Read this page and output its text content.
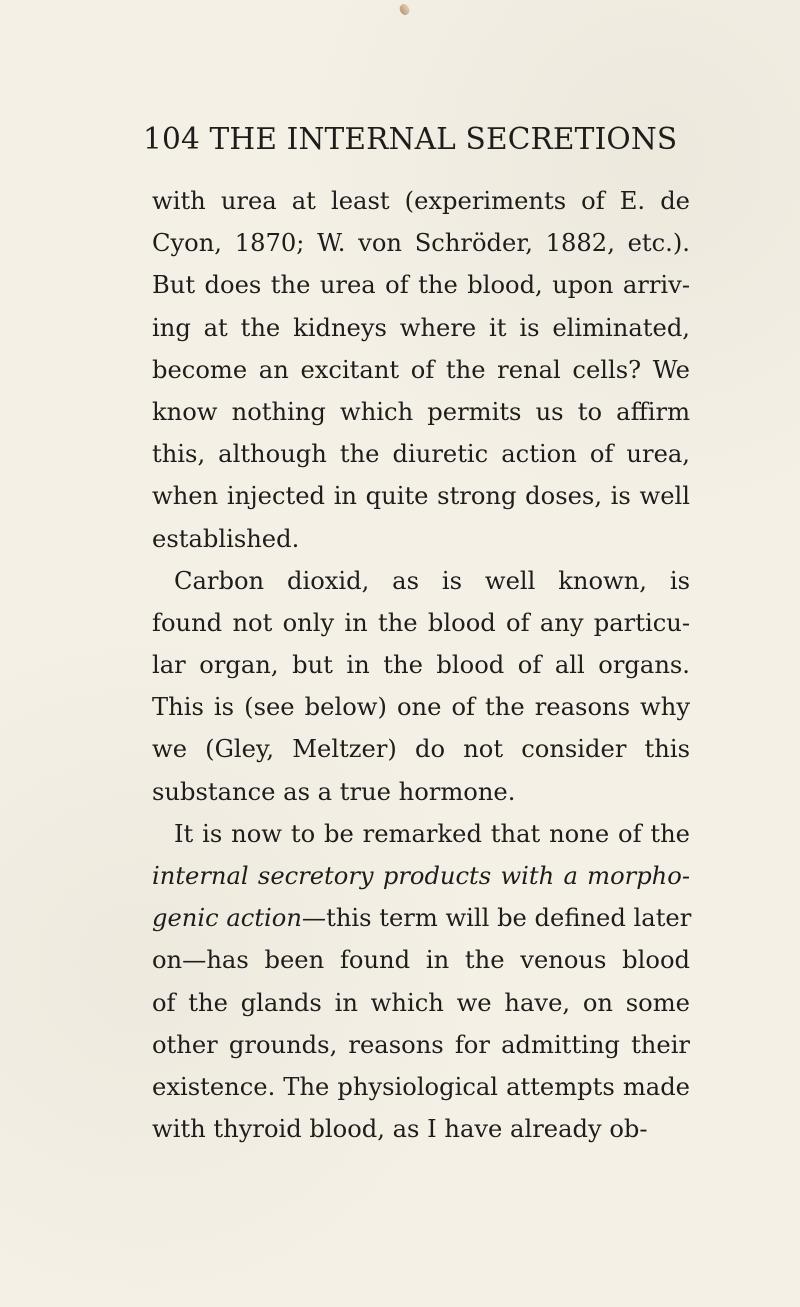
104 THE INTERNAL SECRETIONS
with urea at least (experiments of E. de
Cyon, 1870; W. von Schröder, 1882, etc.).
But does the urea of the blood, upon arriv-
ing at the kidneys where it is eliminated,
become an excitant of the renal cells? We
know nothing which permits us to affirm
this, although the diuretic action of urea,
when injected in quite strong doses, is well
established.
Carbon dioxid, as is well known, is
found not only in the blood of any particu-
lar organ, but in the blood of all organs.
This is (see below) one of the reasons why
we (Gley, Meltzer) do not consider this
substance as a true hormone.
It is now to be remarked that none of the
internal secretory products with a morpho-
genic action—this term will be defined later
on—has been found in the venous blood
of the glands in which we have, on some
other grounds, reasons for admitting their
existence. The physiological attempts made
with thyroid blood, as I have already ob-
